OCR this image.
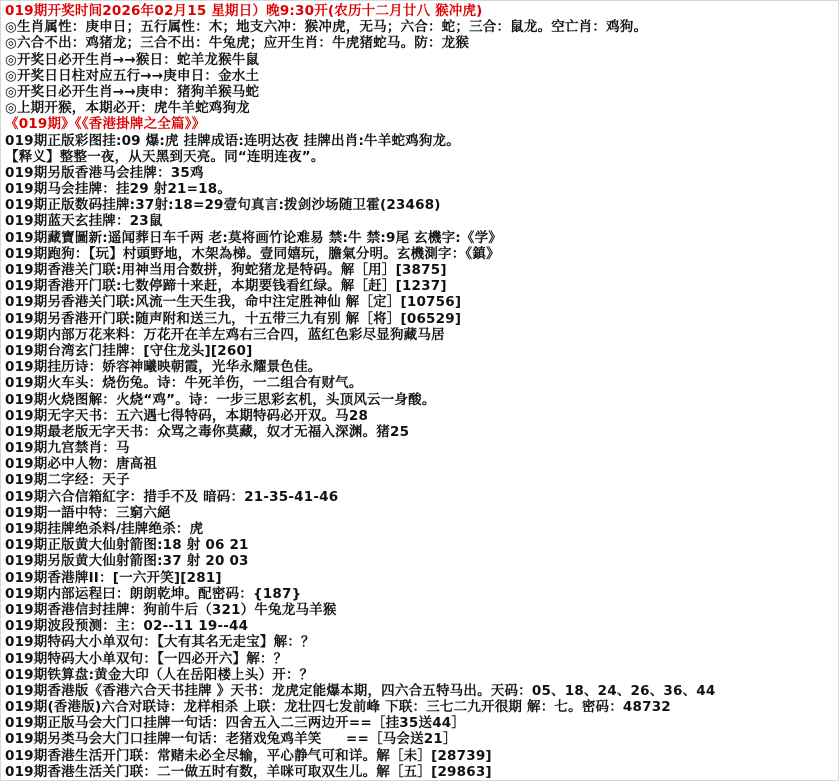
019期开奖时间2026年02月15 星期日）晚9:30开(农历十二月廿八 猴冲虎)
◎生肖属性：庚申日；五行属性：木；地支六冲：猴冲虎，无马；六合：蛇；三合：鼠龙。空亡肖：鸡狗。
◎六合不出：鸡猪龙；三合不出：牛兔虎；应开生肖：牛虎猪蛇马。防：龙猴
◎开奖日必开生肖→→猴日：蛇羊龙猴牛鼠
◎开奖日日柱对应五行→→庚申日：金水土
◎开奖日必开生肖→→庚申：猪狗羊猴马蛇
◎上期开猴，本期必开：虎牛羊蛇鸡狗龙
《019期》《《香港掛牌之全篇》》
019期正版彩图挂:09 爆:虎 挂牌成语:连明达夜 挂牌出肖:牛羊蛇鸡狗龙。
【释义】整整一夜，从天黑到天亮。同“连明连夜”。
019期另版香港马会挂牌：35鸡
019期马会挂牌：挂29 射21=18。
019期正版数码挂牌:37射:18=29壹句真言:拨剑沙场随卫霍(23468)
019期蓝天玄挂牌：23鼠
019期藏寶圖新:遥闻葬日车千两 老:莫将画竹论难易 禁:牛 禁:9尾 玄機字:《学》
019期跑狗：【玩】村頭野地，木架為梯。壹同嬉玩，膽氣分明。玄機測字：《鎮》
019期香港关门联:用神当用合数拼，狗蛇猪龙是特码。解［用］[3875]
019期香港开门联:七数停蹄十来赶，本期要钱看红绿。解［赶］[1237]
019期另香港关门联:风流一生天生我，命中注定胜神仙 解［定］[10756]
019期另香港开门联:随声附和送三九，十五带三九有别 解［将］[06529]
019期内部万花来料：万花开在羊左鸡右三合四，蓝红色彩尽显狗藏马居
019期台湾玄门挂牌：[守住龙头][260]
019期挂历诗：娇容神曦映朝霞，光华永耀景色佳。
019期火车头：烧伤兔。诗：牛死羊伤，一二组合有财气。
019期火烧图解：火烧“鸡”。诗：一步三思彩玄机，头顶风云一身酸。
019期无字天书：五六遇七得特码，本期特码必开双。马28
019期最老版无字天书：众骂之毒你莫藏，奴才无福入深渊。猪25
019期九宫禁肖：马
019期必中人物：唐高祖
019期二字经：天子
019期六合信箱紅字：措手不及 暗码：21-35-41-46
019期一語中特：三窮六絕
019期挂牌绝杀料/挂牌绝杀：虎
019期正版黄大仙射箭图:18 射 06 21
019期另版黄大仙射箭图:37 射 20 03
019期香港牌II：[一六开笑][281]
019期内部运程曰：朗朗乾坤。配密码：{187}
019期香港信封挂牌：狗前牛后（321）牛兔龙马羊猴
019期波段预测：主：02--11 19--44
019期特码大小单双句：【大有其名无走宝】解：？
019期特码大小单双句：【一四必开六】解：？
019期铁算盘:黄金大印（人在岳阳楼上头）开：？
019期香港版《香港六合天书挂牌 》天书：龙虎定能爆本期，四六合五特马出。天码：05、18、24、26、36、44
019期(香港版)六合对联诗：龙样相杀 上联：龙壮四七发前峰 下联：三七二九开很期 解：七。密码：48732
019期正版马会大门口挂牌一句话：四舍五入二三两边开==［挂35送44］
019期另类马会大门口挂牌一句话：老猪戏兔鸡羊笑     ==［马会送21］
019期香港生活开门联：常赌未必全尽输，平心静气可和详。解［未］[28739]
019期香港生活关门联：二一做五时有数，羊咪可取双生儿。解［五］[29863]
